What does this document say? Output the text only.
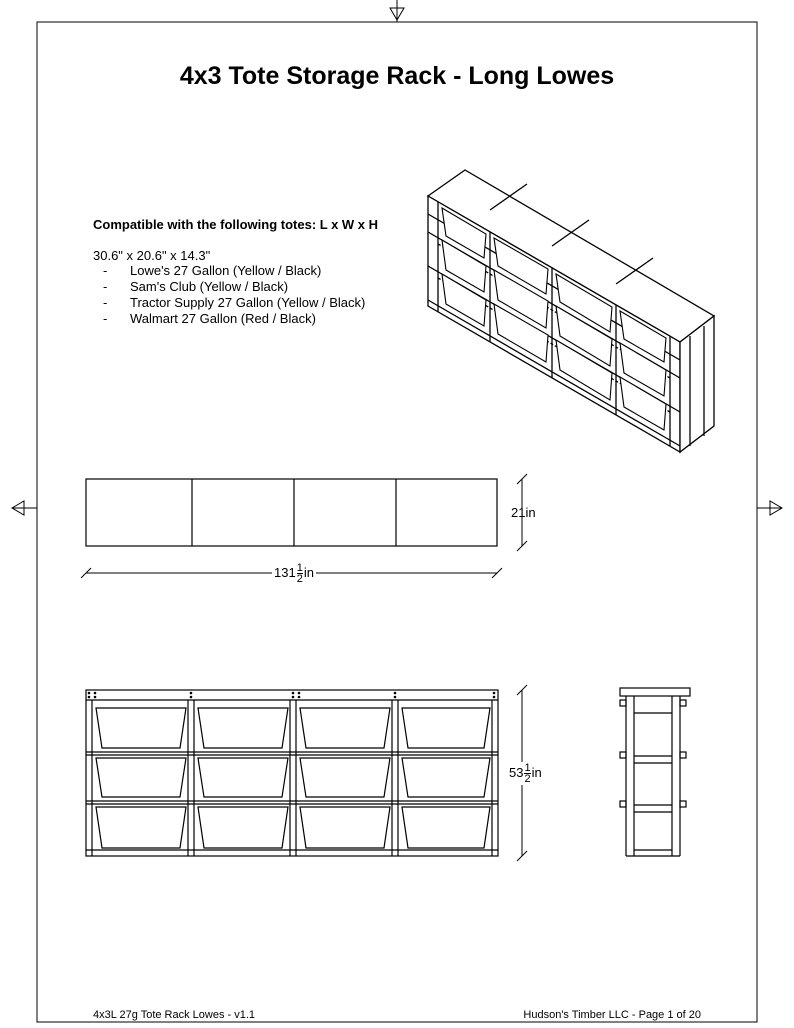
4x3 Tote Storage Rack - Long Lowes
Compatible with the following totes: L x W x H
30.6" x 20.6" x 14.3"
- Lowe's 27 Gallon (Yellow / Black)
- Sam's Club (Yellow / Black)
- Tractor Supply 27 Gallon (Yellow / Black)
- Walmart 27 Gallon (Red / Black)
21in
$131 \frac{1}{2}$ in
$53 \frac{1}{2}$ in
4x3L 27g Tote Rack Lowes - v1.1	Hudson's Timber LLC - Page 1 of 20
